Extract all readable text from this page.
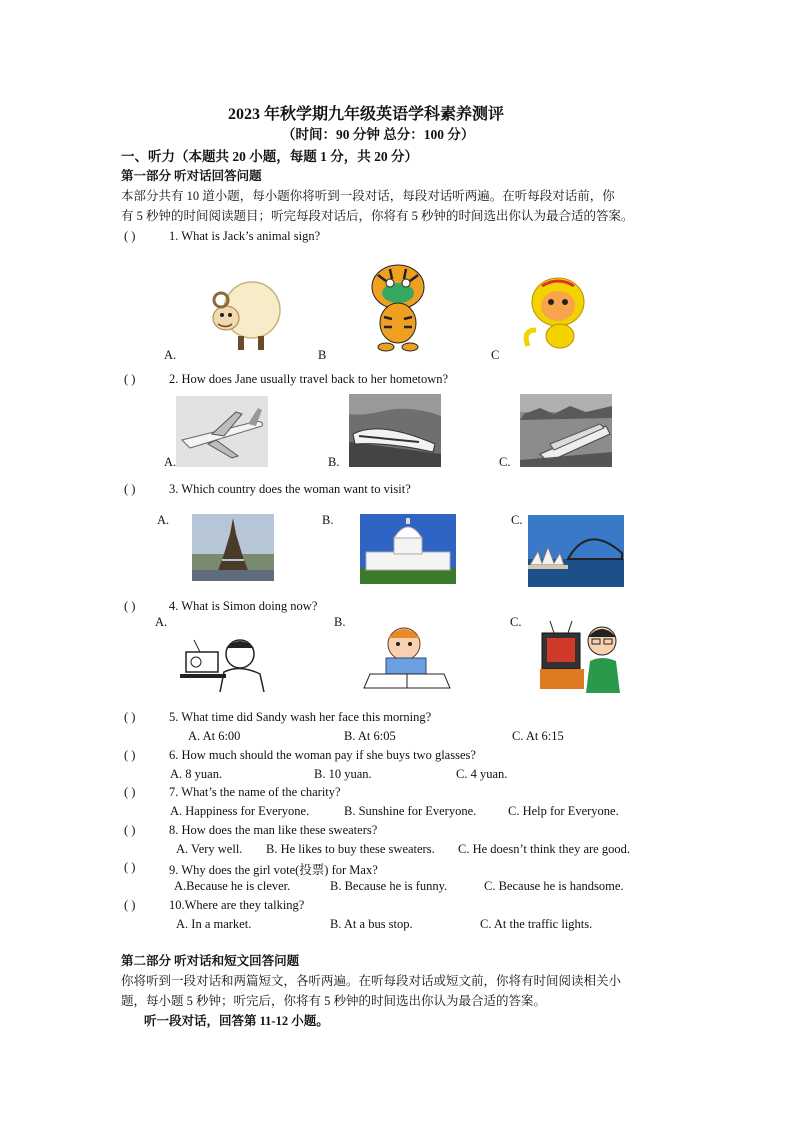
2023 年秋学期九年级英语学科素养测评
（时间：90 分钟 总分：100 分）
一、听力（本题共 20 小题，每题 1 分，共 20 分）
第一部分 听对话回答问题
本部分共有 10 道小题，每小题你将听到一段对话，每段对话听两遍。在听每段对话前，你
有 5 秒钟的时间阅读题目；听完每段对话后，你将有 5 秒钟的时间选出你认为最合适的答案。
( )	1. What is Jack’s animal sign?
A.	B	C
( )	2. How does Jane usually travel back to her hometown?
A.	B.	C.
( )	3. Which country does the woman want to visit?
A.	B.	C.
( )	4. What is Simon doing now?
A.	B.	C.
( )	5. What time did Sandy wash her face this morning?
A. At 6:00	B. At 6:05	C. At 6:15
( )	6. How much should the woman pay if she buys two glasses?
A. 8 yuan.	B. 10 yuan.	C. 4 yuan.
( )	7. What’s the name of the charity?
A. Happiness for Everyone.	B. Sunshine for Everyone.	C. Help for Everyone.
( )	8. How does the man like these sweaters?
A. Very well. B. He likes to buy these sweaters. C. He doesn’t think they are good.
( )	9. Why does the girl vote(投票) for Max?
A.Because he is clever.	B. Because he is funny.	C. Because he is handsome.
( )	10.Where are they talking?
A. In a market.	B. At a bus stop.	C. At the traffic lights.
第二部分 听对话和短文回答问题
你将听到一段对话和两篇短文，各听两遍。在听每段对话或短文前，你将有时间阅读相关小
题，每小题 5 秒钟；听完后，你将有 5 秒钟的时间选出你认为最合适的答案。
听一段对话，回答第 11-12 小题。
